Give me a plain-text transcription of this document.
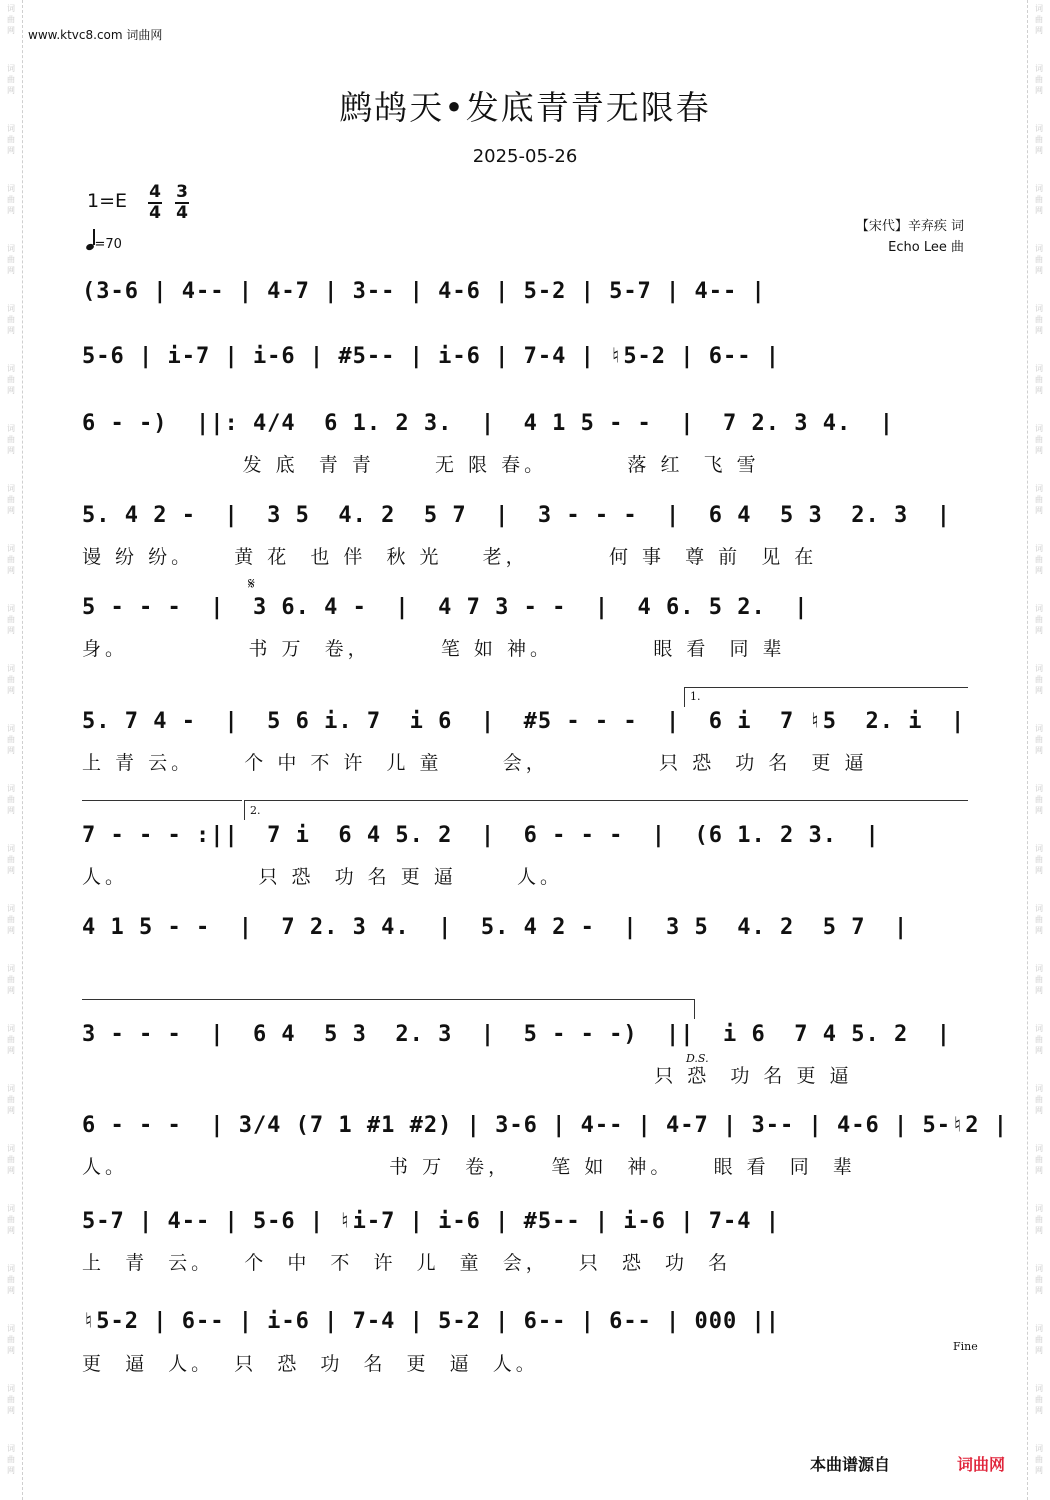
词
曲
网
词
曲
网
词
曲
网
词
曲
网
词
曲
网
词
曲
网
词
曲
网
词
曲
网
词
曲
网
词
曲
网
词
曲
网
词
曲
网
词
曲
网
词
曲
网
词
曲
网
词
曲
网
词
曲
网
词
曲
网
词
曲
网
词
曲
网
词
曲
网
词
曲
网
词
曲
网
词
曲
网
词
曲
网
词
曲
网
词
曲
网
词
曲
网
词
曲
网
词
曲
网
词
曲
网
词
曲
网
词
曲
网
词
曲
网
词
曲
网
词
曲
网
词
曲
网
词
曲
网
词
曲
网
词
曲
网
词
曲
网
词
曲
网
词
曲
网
词
曲
网
词
曲
网
词
曲
网
词
曲
网
词
曲
网
词
曲
网
词
曲
网
www.ktvc8.com 词曲网
鹧鸪天•发底青青无限春
2025-05-26
1=E 4
4
3
4
=70
【宋代】辛弃疾 词
Echo Lee 曲
(3-6 | 4-- | 4-7 | 3-- | 4-6 | 5-2 | 5-7 | 4-- |
5-6 | i-7 | i-6 | #5-- | i-6 | 7-4 | ♮5-2 | 6-- |
6 - -)  ||: 4/4  6 1. 2 3.  |  4 1 5 - -  |  7 2. 3 4.  |
发 底  青 青      无 限 春。        落 红  飞 雪
5. 4 2 -  |  3 5  4. 2  5 7  |  3 - - -  |  6 4  5 3  2. 3  |
谩 纷 纷。    黄 花  也 伴  秋 光    老，        何 事  尊 前  见 在
𝄋
5 - - -  |  3 6. 4 -  |  4 7 3 - -  |  4 6. 5 2.  |
身。            书 万  卷，       笔 如 神。          眼 看  同 辈
1.
5. 7 4 -  |  5 6 i. 7  i 6  |  #5 - - -  |  6 i  7 ♮5  2. i  |
上 青 云。     个 中 不 许  儿 童      会，           只 恐  功 名  更 逼
2.
7 - - - :||  7 i  6 4 5. 2  |  6 - - -  |  (6 1. 2 3.  |
人。             只 恐  功 名 更 逼      人。
4 1 5 - -  |  7 2. 3 4.  |  5. 4 2 -  |  3 5  4. 2  5 7  |
3 - - -  |  6 4  5 3  2. 3  |  5 - - -)  ||  i 6  7 4 5. 2  |
D.S.
只 恐  功 名 更 逼
6 - - -  | 3/4 (7 1 #1 #2) | 3-6 | 4-- | 4-7 | 3-- | 4-6 | 5-♮2 |
人。                          书 万  卷，    笔 如  神。    眼 看  同  辈
5-7 | 4-- | 5-6 | ♮i-7 | i-6 | #5-- | i-6 | 7-4 |
上  青  云。   个  中  不  许  儿  童  会，   只  恐  功  名
♮5-2 | 6-- | i-6 | 7-4 | 5-2 | 6-- | 6-- | 000 ||
Fine
更  逼  人。  只  恐  功  名  更  逼  人。
本曲谱源自	词曲网
